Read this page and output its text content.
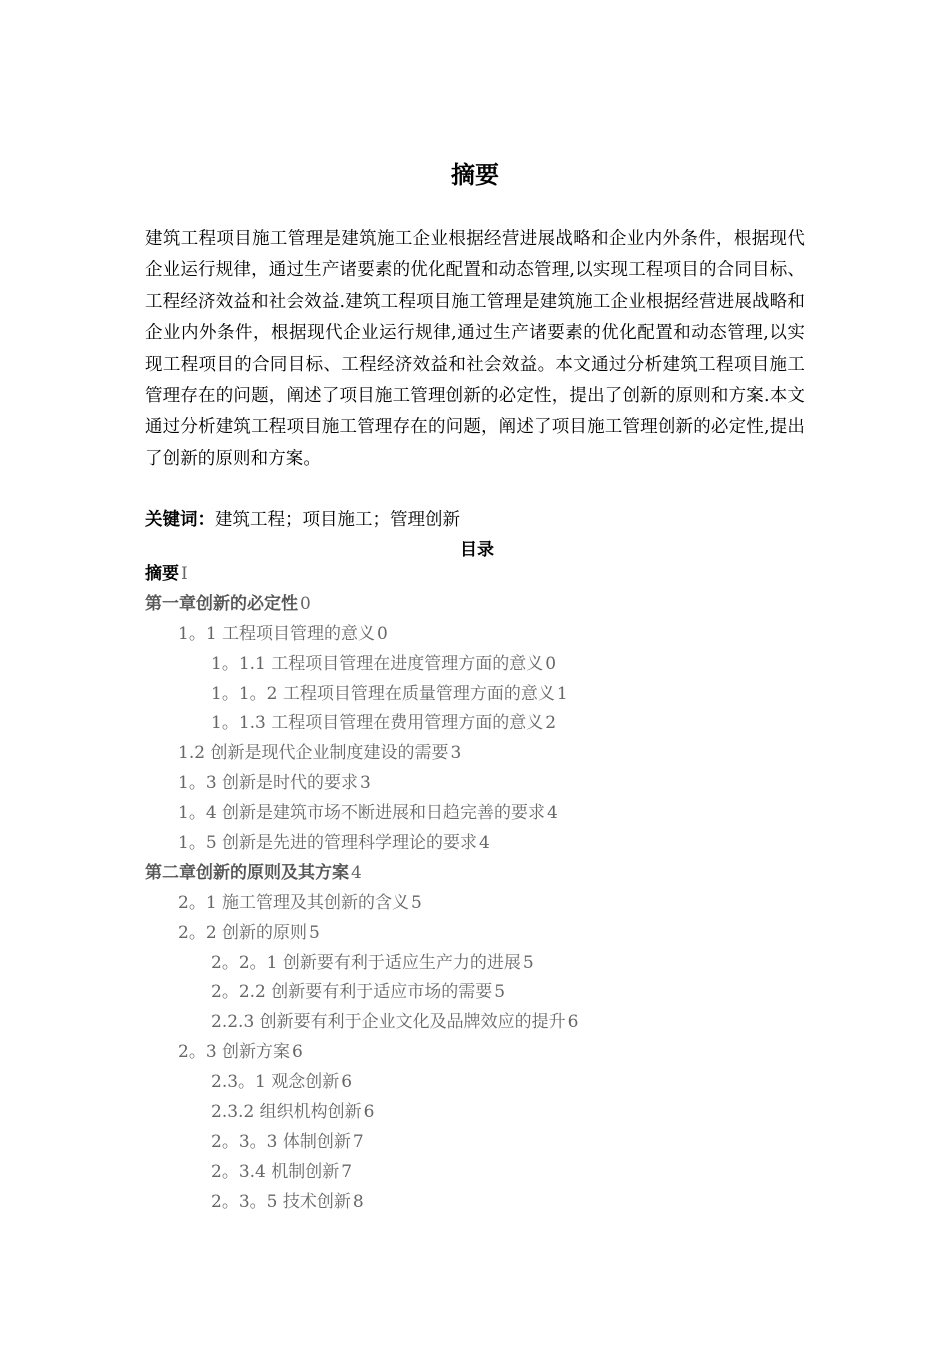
摘要

建筑工程项目施工管理是建筑施工企业根据经营进展战略和企业内外条件，根据现代企业运行规律，通过生产诸要素的优化配置和动态管理,以实现工程项目的合同目标、工程经济效益和社会效益.建筑工程项目施工管理是建筑施工企业根据经营进展战略和企业内外条件，根据现代企业运行规律,通过生产诸要素的优化配置和动态管理,以实现工程项目的合同目标、工程经济效益和社会效益。本文通过分析建筑工程项目施工管理存在的问题，阐述了项目施工管理创新的必定性，提出了创新的原则和方案.本文通过分析建筑工程项目施工管理存在的问题，阐述了项目施工管理创新的必定性,提出了创新的原则和方案。

关键词：建筑工程；项目施工；管理创新

目录
摘要 I
第一章创新的必定性 0
1。1 工程项目管理的意义 0
1。1.1 工程项目管理在进度管理方面的意义 0
1。1。2 工程项目管理在质量管理方面的意义 1
1。1.3 工程项目管理在费用管理方面的意义 2
1.2 创新是现代企业制度建设的需要 3
1。3 创新是时代的要求 3
1。4 创新是建筑市场不断进展和日趋完善的要求 4
1。5 创新是先进的管理科学理论的要求 4
第二章创新的原则及其方案 4
2。1 施工管理及其创新的含义 5
2。2 创新的原则 5
2。2。1 创新要有利于适应生产力的进展 5
2。2.2 创新要有利于适应市场的需要 5
2.2.3 创新要有利于企业文化及品牌效应的提升 6
2。3 创新方案 6
2.3。1 观念创新 6
2.3.2 组织机构创新 6
2。3。3 体制创新 7
2。3.4 机制创新 7
2。3。5 技术创新 8
